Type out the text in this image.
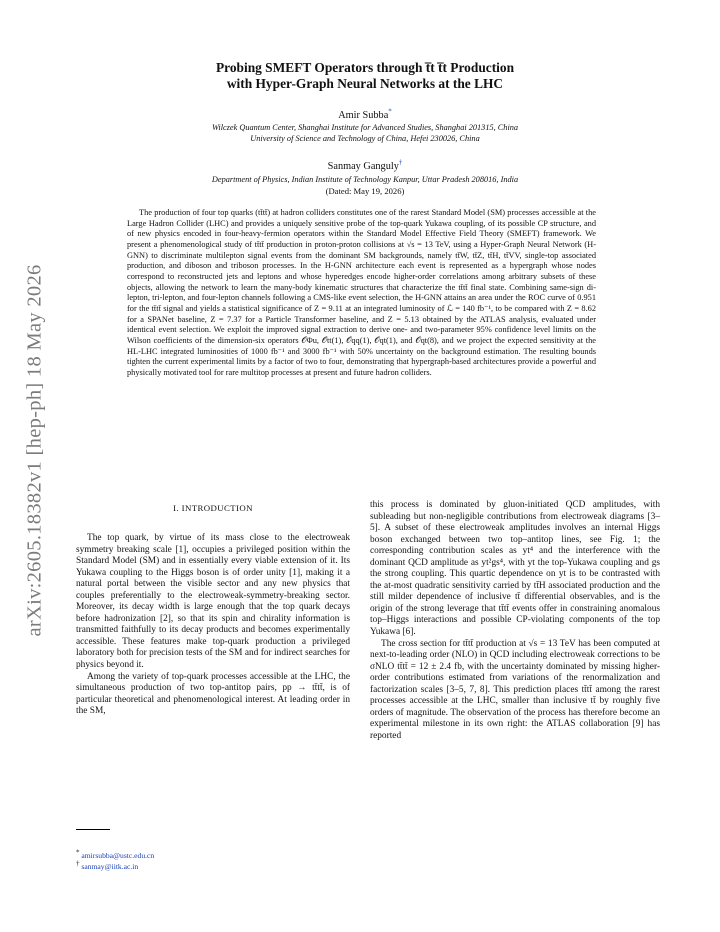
arXiv:2605.18382v1 [hep-ph] 18 May 2026
Probing SMEFT Operators through t̅t t̅t Production
with Hyper-Graph Neural Networks at the LHC
Amir Subba*
Wilczek Quantum Center, Shanghai Institute for Advanced Studies, Shanghai 201315, China
University of Science and Technology of China, Hefei 230026, China
Sanmay Ganguly†
Department of Physics, Indian Institute of Technology Kanpur, Uttar Pradesh 208016, India
(Dated: May 19, 2026)

The production of four top quarks (tt̄tt̄) at hadron colliders constitutes one of the rarest Standard Model (SM) processes accessible at the Large Hadron Collider (LHC) and provides a uniquely sensitive probe of the top-quark Yukawa coupling, of its possible CP structure, and of new physics encoded in four-heavy-fermion operators within the Standard Model Effective Field Theory (SMEFT) framework. We present a phenomenological study of tt̄tt̄ production in proton-proton collisions at √s = 13 TeV, using a Hyper-Graph Neural Network (H-GNN) to discriminate multilepton signal events from the dominant SM backgrounds, namely tt̄W, tt̄Z, tt̄H, tt̄VV, single-top associated production, and diboson and triboson processes. In the H-GNN architecture each event is represented as a hypergraph whose nodes correspond to reconstructed jets and leptons and whose hyperedges encode higher-order correlations among arbitrary subsets of these objects, allowing the network to learn the many-body kinematic structures that characterize the tt̄tt̄ final state. Combining same-sign di-lepton, tri-lepton, and four-lepton channels following a CMS-like event selection, the H-GNN attains an area under the ROC curve of 0.951 for the tt̄tt̄ signal and yields a statistical significance of Z = 9.11 at an integrated luminosity of ℒ = 140 fb⁻¹, to be compared with Z = 8.62 for a SPANet baseline, Z = 7.37 for a Particle Transformer baseline, and Z = 5.13 obtained by the ATLAS analysis, evaluated under identical event selection. We exploit the improved signal extraction to derive one- and two-parameter 95% confidence level limits on the Wilson coefficients of the dimension-six operators 𝒪Φu, 𝒪tt(1), 𝒪qq(1), 𝒪qt(1), and 𝒪qt(8), and we project the expected sensitivity at the HL-LHC integrated luminosities of 1000 fb⁻¹ and 3000 fb⁻¹ with 50% uncertainty on the background estimation. The resulting bounds tighten the current experimental limits by a factor of two to four, demonstrating that hypergraph-based architectures provide a powerful and physically motivated tool for rare multitop processes at present and future hadron colliders.

I. INTRODUCTION

The top quark, by virtue of its mass close to the electroweak symmetry breaking scale [1], occupies a privileged position within the Standard Model (SM) and in essentially every viable extension of it. Its Yukawa coupling to the Higgs boson is of order unity [1], making it a natural portal between the visible sector and any new physics that couples preferentially to the electroweak-symmetry-breaking sector. Moreover, its decay width is large enough that the top quark decays before hadronization [2], so that its spin and chirality information is transmitted faithfully to its decay products and becomes experimentally accessible. These features make top-quark production a privileged laboratory both for precision tests of the SM and for indirect searches for physics beyond it.

Among the variety of top-quark processes accessible at the LHC, the simultaneous production of two top-antitop pairs, pp → tt̄tt̄, is of particular theoretical and phenomenological interest. At leading order in the SM,

this process is dominated by gluon-initiated QCD amplitudes, with subleading but non-negligible contributions from electroweak diagrams [3–5]. A subset of these electroweak amplitudes involves an internal Higgs boson exchanged between two top–antitop lines, see Fig. 1; the corresponding contribution scales as yt⁴ and the interference with the dominant QCD amplitude as yt²gs⁴, with yt the top-Yukawa coupling and gs the strong coupling. This quartic dependence on yt is to be contrasted with the at-most quadratic sensitivity carried by tt̄H associated production and the still milder dependence of inclusive tt̄ differential observables, and is the origin of the strong leverage that tt̄tt̄ events offer in constraining anomalous top–Higgs interactions and possible CP-violating components of the top Yukawa [6].

The cross section for tt̄tt̄ production at √s = 13 TeV has been computed at next-to-leading order (NLO) in QCD including electroweak corrections to be σNLO tt̄tt̄ = 12 ± 2.4 fb, with the uncertainty dominated by missing higher-order contributions estimated from variations of the renormalization and factorization scales [3–5, 7, 8]. This prediction places tt̄tt̄ among the rarest processes accessible at the LHC, smaller than inclusive tt̄ by roughly five orders of magnitude. The observation of the process has therefore become an experimental milestone in its own right: the ATLAS collaboration [9] has reported

* amirsubba@ustc.edu.cn
† sanmay@iitk.ac.in
